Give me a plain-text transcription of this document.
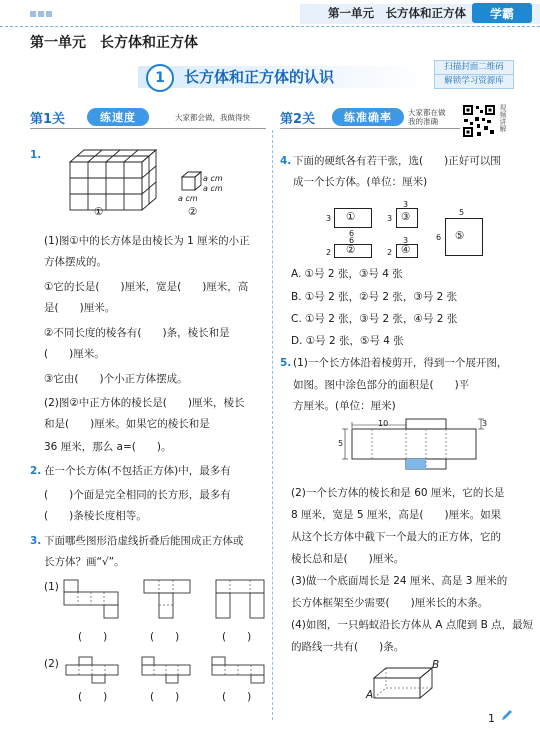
第一单元　 长方体和正方体	学霸
第一单元　长方体和正方体
1	长方体和正方体的认识
扫描封面二维码
解锁学习资源库
第1关	练速度	大家都会做，我做得快 第2关	练准确率	大家都在做
我的准确	视频讲解
1.
a cm
a cm
a cm
①	②
(1)图①中的长方体是由棱长为 1 厘米的小正
方体摆成的。
①它的长是(　　)厘米，宽是(　　)厘米，高
是(　　)厘米。
②不同长度的棱各有(　　)条，棱长和是
(　　)厘米。
③它由(　　)个小正方体摆成。
(2)图②中正方体的棱长是(　　)厘米，棱长
和是(　　)厘米。如果它的棱长和是
36 厘米，那么 a=(　　)。
2. 在一个长方体(不包括正方体)中，最多有
(　　)个面是完全相同的长方形，最多有
(　　)条棱长度相等。
3. 下面哪些图形沿虚线折叠后能围成正方体或
长方体？画“√”。
(1)
(　　)	(　　)	(　　)
(2)
(　　)	(　　)	(　　)
4. 下面的硬纸各有若干张，选(　　)正好可以围
成一个长方体。(单位：厘米)
3 ①
6
3 ③
3
2 ②
6
2 ④
3
5
⑤
6
A. ①号 2 张，③号 4 张
B. ①号 2 张，②号 2 张，③号 2 张
C. ①号 2 张，③号 2 张，④号 2 张
D. ①号 2 张，⑤号 4 张
5. (1)一个长方体沿着棱剪开，得到一个展开图，
如图。图中涂色部分的面积是(　　)平
方厘米。(单位：厘米)
10	3
5
(2)一个长方体的棱长和是 60 厘米，它的长是
8 厘米，宽是 5 厘米，高是(　　)厘米。如果
从这个长方体中截下一个最大的正方体，它的
棱长总和是(　　)厘米。
(3)做一个底面周长是 24 厘米、高是 3 厘米的
长方体框架至少需要(　　)厘米长的木条。
(4)如图，一只蚂蚁沿长方体从 A 点爬到 B 点，最短
的路线一共有(　　)条。
A
B
1
